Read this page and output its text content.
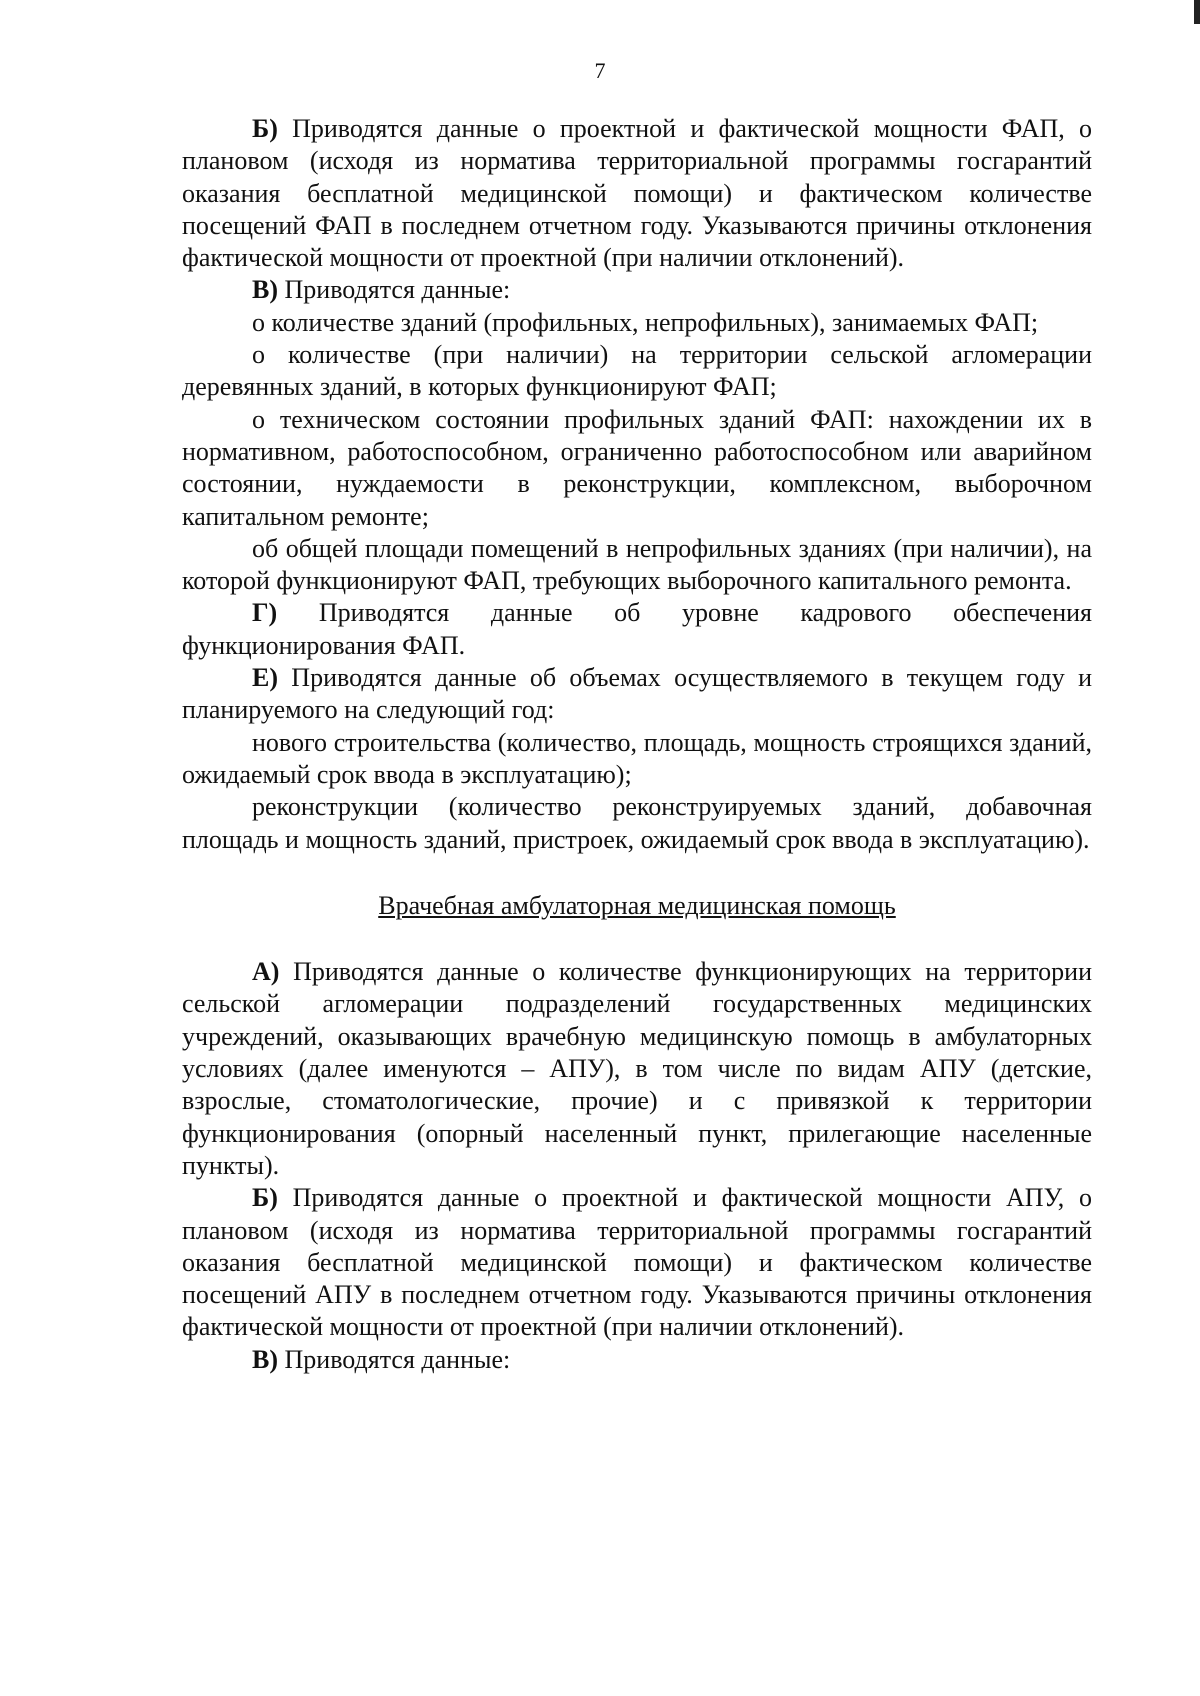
7

Б) Приводятся данные о проектной и фактической мощности ФАП, о плановом (исходя из норматива территориальной программы госгарантий оказания бесплатной медицинской помощи) и фактическом количестве посещений ФАП в последнем отчетном году. Указываются причины отклонения фактической мощности от проектной (при наличии отклонений).

В) Приводятся данные:

о количестве зданий (профильных, непрофильных), занимаемых ФАП;

о количестве (при наличии) на территории сельской агломерации деревянных зданий, в которых функционируют ФАП;

о техническом состоянии профильных зданий ФАП: нахождении их в нормативном, работоспособном, ограниченно работоспособном или аварийном состоянии, нуждаемости в реконструкции, комплексном, выборочном капитальном ремонте;

об общей площади помещений в непрофильных зданиях (при наличии), на которой функционируют ФАП, требующих выборочного капитального ремонта.

Г) Приводятся данные об уровне кадрового обеспечения функционирования ФАП.

Е) Приводятся данные об объемах осуществляемого в текущем году и планируемого на следующий год:

нового строительства (количество, площадь, мощность строящихся зданий, ожидаемый срок ввода в эксплуатацию);

реконструкции (количество реконструируемых зданий, добавочная площадь и мощность зданий, пристроек, ожидаемый срок ввода в эксплуатацию).

Врачебная амбулаторная медицинская помощь

А) Приводятся данные о количестве функционирующих на территории сельской агломерации подразделений государственных медицинских учреждений, оказывающих врачебную медицинскую помощь в амбулаторных условиях (далее именуются – АПУ), в том числе по видам АПУ (детские, взрослые, стоматологические, прочие) и с привязкой к территории функционирования (опорный населенный пункт, прилегающие населенные пункты).

Б) Приводятся данные о проектной и фактической мощности АПУ, о плановом (исходя из норматива территориальной программы госгарантий оказания бесплатной медицинской помощи) и фактическом количестве посещений АПУ в последнем отчетном году. Указываются причины отклонения фактической мощности от проектной (при наличии отклонений).

В) Приводятся данные:
